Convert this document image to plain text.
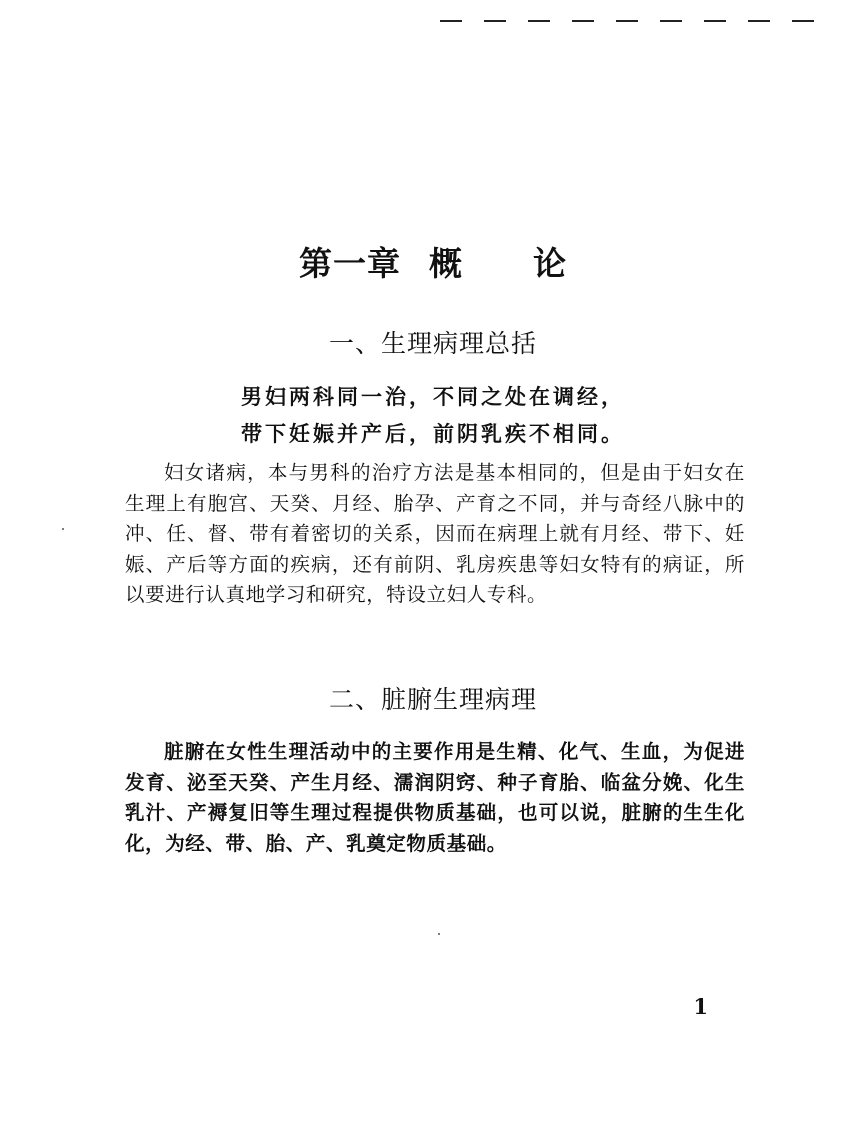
第一章 概 论
一、生理病理总括
男妇两科同一治，不同之处在调经，
带下妊娠并产后，前阴乳疾不相同。
妇女诸病，本与男科的治疗方法是基本相同的，但是由于妇女在生理上有胞宫、天癸、月经、胎孕、产育之不同，并与奇经八脉中的冲、任、督、带有着密切的关系，因而在病理上就有月经、带下、妊娠、产后等方面的疾病，还有前阴、乳房疾患等妇女特有的病证，所以要进行认真地学习和研究，特设立妇人专科。
二、脏腑生理病理
脏腑在女性生理活动中的主要作用是生精、化气、生血，为促进发育、泌至天癸、产生月经、濡润阴窍、种子育胎、临盆分娩、化生乳汁、产褥复旧等生理过程提供物质基础，也可以说，脏腑的生生化化，为经、带、胎、产、乳奠定物质基础。
1
